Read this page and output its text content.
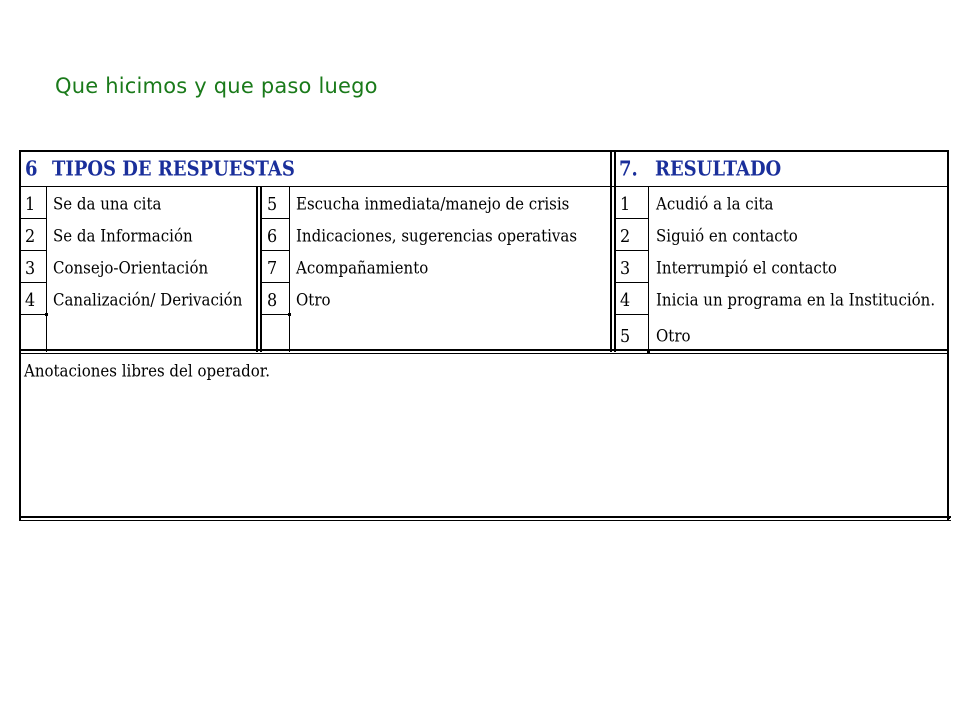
Que hicimos y que paso luego
6 TIPOS DE RESPUESTAS	7. RESULTADO
1 Se da una cita
2 Se da Información
3 Consejo-Orientación
4 Canalización/ Derivación
5 Escucha inmediata/manejo de crisis
6 Indicaciones, sugerencias operativas
7 Acompañamiento
8 Otro
1 Acudió a la cita
2 Siguió en contacto
3 Interrumpió el contacto
4 Inicia un programa en la Institución.
5 Otro
Anotaciones libres del operador.
